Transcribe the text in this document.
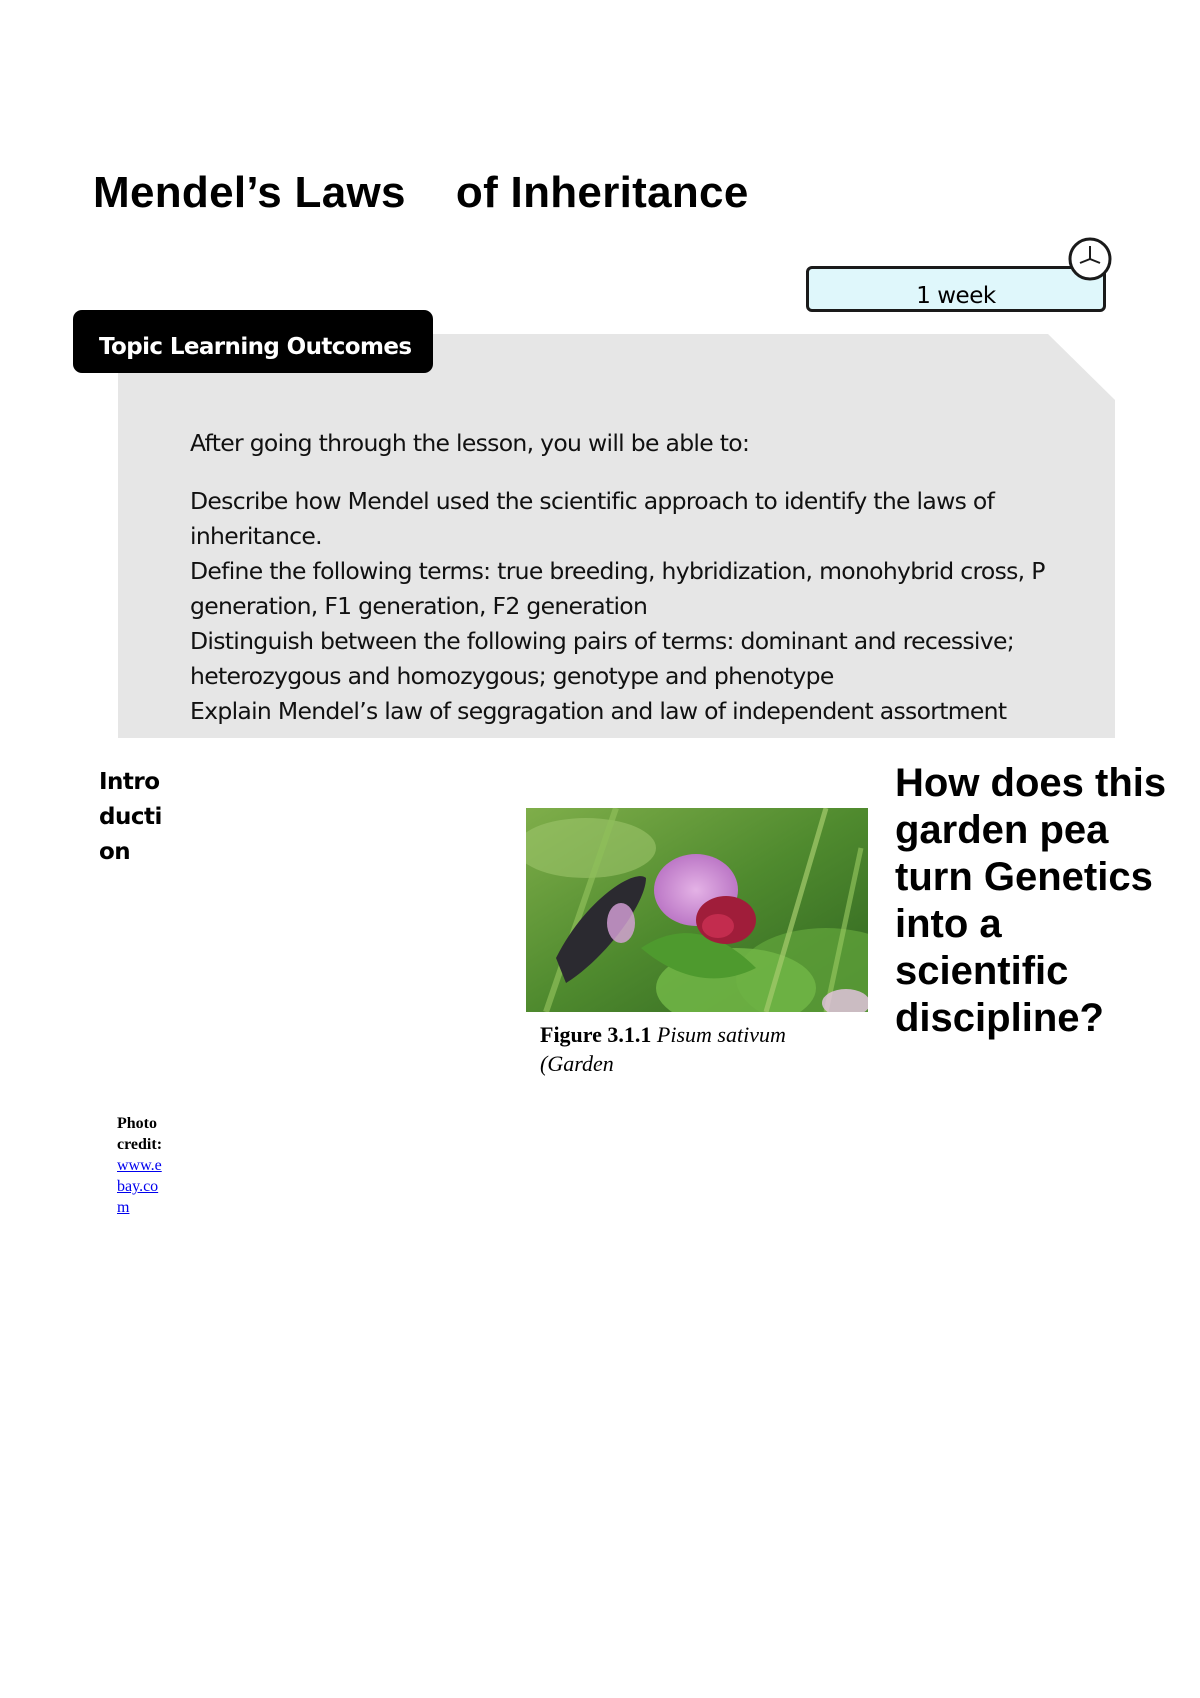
Mendel’s Laws    of Inheritance
1 week
Topic Learning Outcomes
After going through the lesson, you will be able to:
Describe how Mendel used the scientific approach to identify the laws of inheritance.
Define the following terms: true breeding, hybridization, monohybrid cross, P generation, F1 generation, F2 generation
Distinguish between the following pairs of terms: dominant and recessive; heterozygous and homozygous; genotype and phenotype
Explain Mendel’s law of seggragation and law of independent assortment
Introduction
Figure 3.1.1 Pisum sativum (Garden
How does this garden pea turn Genetics into a scientific discipline?
Photo credit:
www.ebay.com
